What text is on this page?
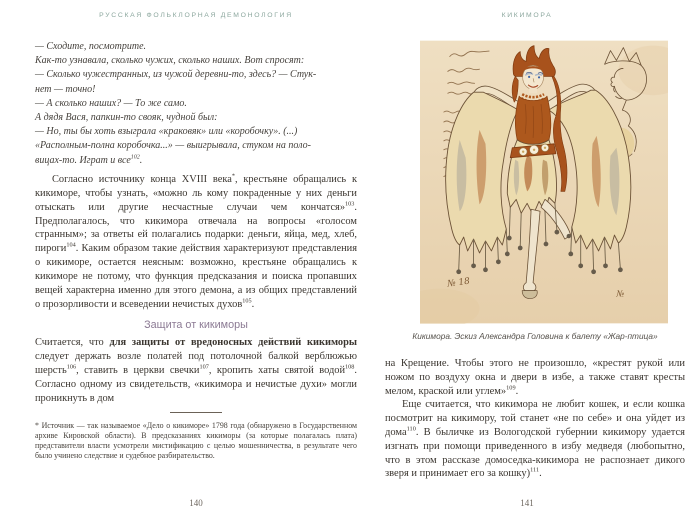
РУССКАЯ ФОЛЬКЛОРНАЯ ДЕМОНОЛОГИЯ	КИКИМОРА
— Сходите, посмотрите.
Как-то узнавала, сколько чужих, сколько наших. Вот спросят:
— Сколько чужестранных, из чужой деревни-то, здесь? — Стук-
нет — точно!
— А сколько наших? — То же само.
А дядя Вася, папкин-то свояк, чудной был:
— Но, ты бы хоть взыграла «краковяк» или «коробочку». (...)
«Располным-полна коробочка...» — выигрывала, стуком на поло-
вицах-то. Играт и все$^{102}$.
Согласно источнику конца XVIII века*, крестьяне обращались к кикиморе, чтобы узнать, «можно ль кому покраденные у них деньги отыскать или другие несчастные случаи чем кончатся»$^{103}$. Предполагалось, что кикимора отвечала на вопросы «голосом странным»; за ответы ей полагались подарки: деньги, яйца, мед, хлеб, пироги$^{104}$. Каким образом такие действия характеризуют представления о кикиморе, остается неясным: возможно, крестьяне обращались к кикиморе не потому, что функция предсказания и поиска пропавших вещей характерна именно для этого демона, а из общих представлений о прозорливости и всеведении нечистых духов$^{105}$.
Защита от кикиморы
Считается, что для защиты от вредоносных действий кикиморы следует держать возле полатей под потолочной балкой верблюжью шерсть$^{106}$, ставить в церкви свечки$^{107}$, кропить хаты святой водой$^{108}$. Согласно одному из свидетельств, «кикимора и нечистые духи» могли проникнуть в дом
* Источник — так называемое «Дело о кикиморе» 1798 года (обнаружено в Государственном архиве Кировской области). В предсказаниях кикиморы (за которые полагалась плата) представители власти усмотрели мистификацию с целью мошенничества, в результате чего было учинено следствие и судебное разбирательство.
140
№ 18
№
Кикимора. Эскиз Александра Головина к балету «Жар-птица»
на Крещение. Чтобы этого не произошло, «крестят рукой или ножом по воздуху окна и двери в избе, а также ставят кресты мелом, краской или углем»$^{109}$.
Еще считается, что кикимора не любит кошек, и если кошка посмотрит на кикимору, той станет «не по себе» и она уйдет из дома$^{110}$. В быличке из Вологодской губернии кикимору удается изгнать при помощи приведенного в избу медведя (любопытно, что в этом рассказе домоседка-кикимора не распознает дикого зверя и принимает его за кошку)$^{111}$.
141
